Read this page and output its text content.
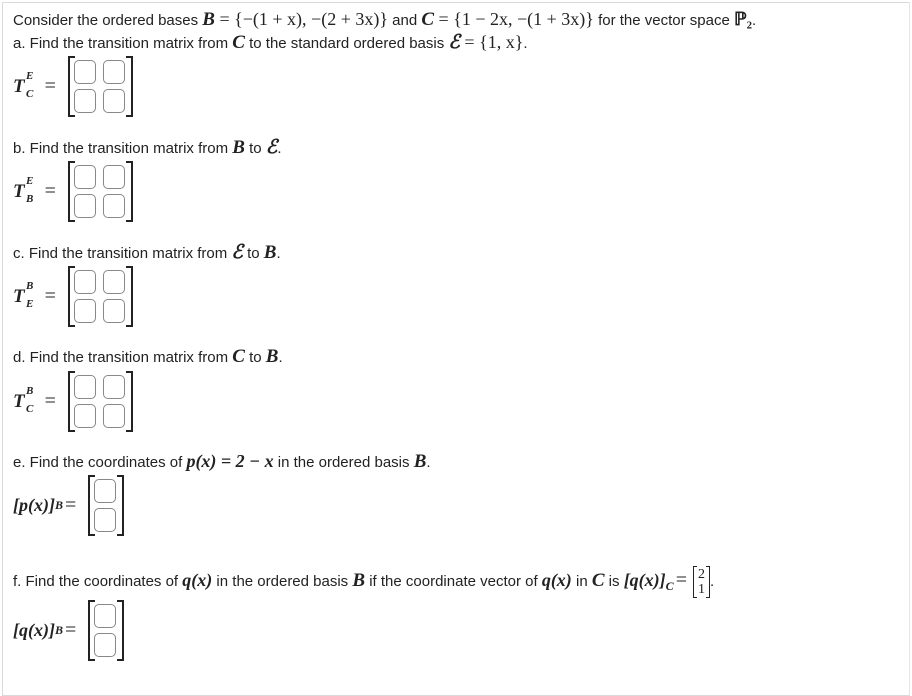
Consider the ordered bases B = {−(1 + x), −(2 + 3x)} and C = {1 − 2x, −(1 + 3x)} for the vector space ℙ₂.
a. Find the transition matrix from C to the standard ordered basis ℰ = {1, x}.
T E
C =
b. Find the transition matrix from B to ℰ.
T E
B =
c. Find the transition matrix from ℰ to B.
T B
E =
d. Find the transition matrix from C to B.
T B
C =
e. Find the coordinates of p(x) = 2 − x in the ordered basis B.
[p(x)] B =
f. Find the coordinates of q(x) in the ordered basis B if the coordinate vector of q(x) in C is $[q(x)]_C = 2$
1 .
[q(x)] B =
